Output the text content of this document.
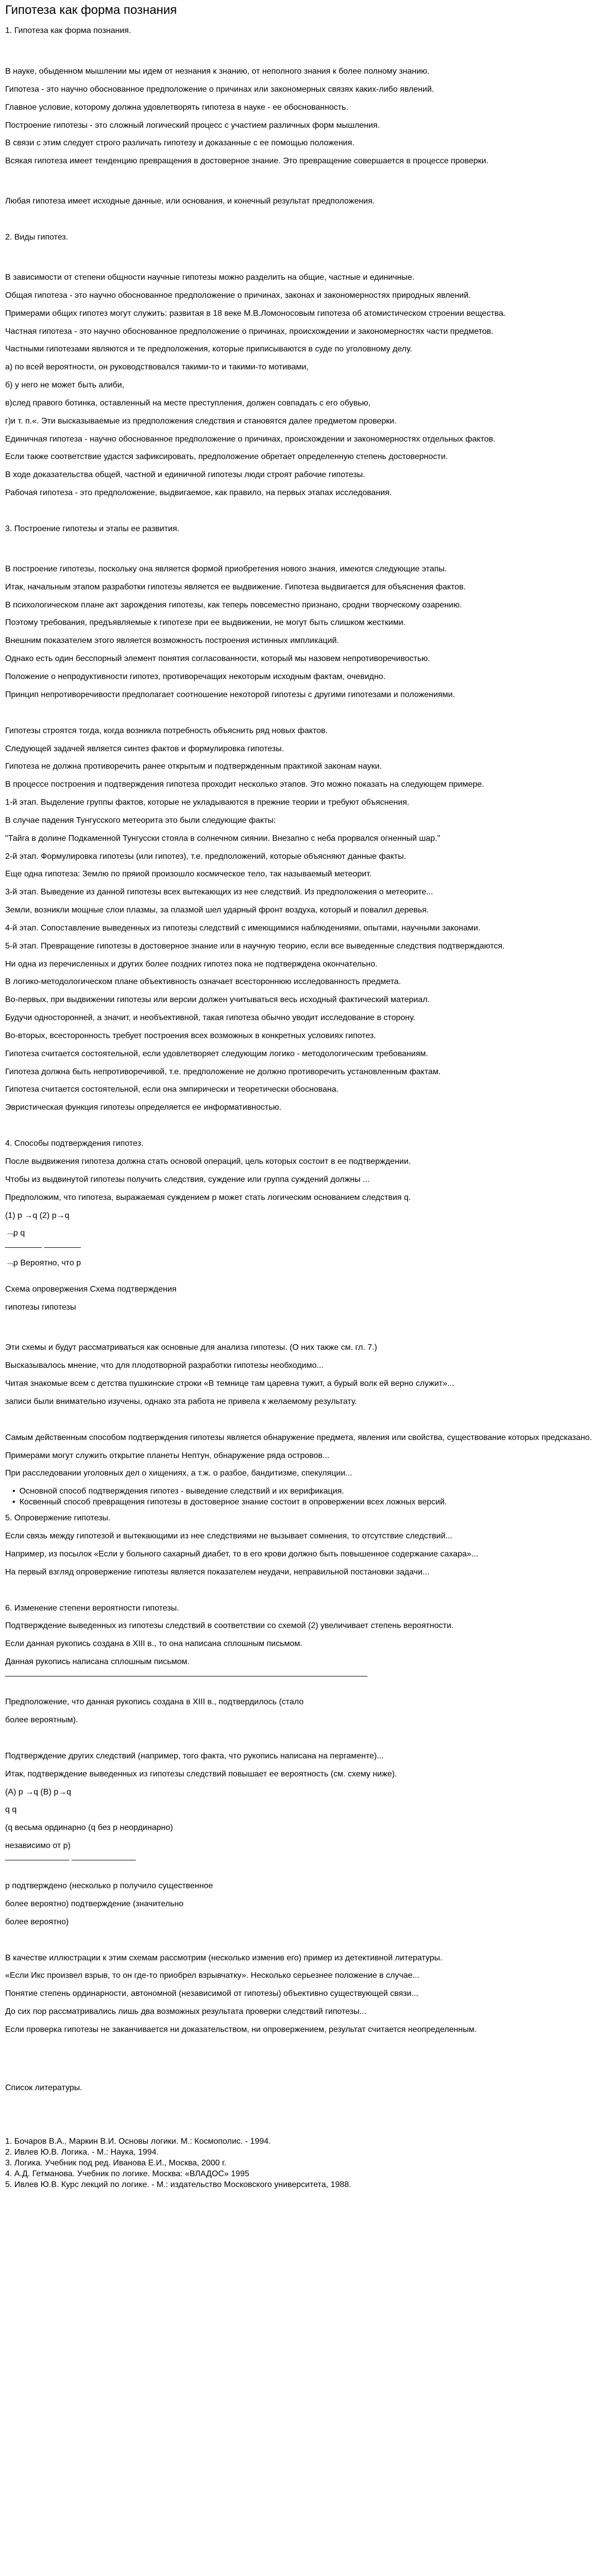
Гипотеза как форма познания
1. Гипотеза как форма познания.
В науке, обыденном мышлении мы идем от незнания к знанию, от неполного знания к более полному знанию.
Гипотеза - это научно обоснованное предположение о причинах или закономерных связях каких-либо явлений.
Главное условие, которому должна удовлетворять гипотеза в науке - ее обоснованность.
Построение гипотезы - это сложный логический процесс с участием различных форм мышления.
В связи с этим следует строго различать гипотезу и доказанные с ее помощью положения.
Всякая гипотеза имеет тенденцию превращения в достоверное знание. Это превращение совершается в процессе проверки.
Любая гипотеза имеет исходные данные, или основания, и конечный результат предположения.
2. Виды гипотез.
В зависимости от степени общности научные гипотезы можно разделить на общие, частные и единичные.
Общая гипотеза - это научно обоснованное предположение о причинах, законах и закономерностях природных явлений.
Примерами общих гипотез могут служить: развитая в 18 веке М.В.Ломоносовым гипотеза об атомистическом строении вещества.
Частная гипотеза - это научно обоснованное предположение о причинах, происхождении и закономерностях части предметов.
Частными гипотезами являются и те предположения, которые приписываются в суде по уголовному делу.
а) по всей вероятности, он руководствовался такими-то и такими-то мотивами,
б) у него не может быть алиби,
в)след правого ботинка, оставленный на месте преступления, должен совпадать с его обувью,
г)и т. п.«. Эти высказываемые из предположения следствия и становятся далее предметом проверки.
Единичная гипотеза - научно обоснованное предположение о причинах, происхождении и закономерностях отдельных фактов.
Если также соответствие удастся зафиксировать, предположение обретает определенную степень достоверности.
В ходе доказательства общей, частной и единичной гипотезы люди строят рабочие гипотезы.
Рабочая гипотеза - это предположение, выдвигаемое, как правило, на первых этапах исследования.
3. Построение гипотезы и этапы ее развития.
В построение гипотезы, поскольку она является формой приобретения нового знания, имеются следующие этапы.
Итак, начальным этапом разработки гипотезы является ее выдвижение. Гипотеза выдвигается для объяснения фактов.
В психологическом плане акт зарождения гипотезы, как теперь повсеместно признано, сродни творческому озарению.
Поэтому требования, предъявляемые к гипотезе при ее выдвижении, не могут быть слишком жесткими.
Внешним показателем этого является возможность построения истинных импликаций.
Однако есть один бесспорный элемент понятия согласованности, который мы назовем непротиворечивостью.
Положение о непродуктивности гипотез, противоречащих некоторым исходным фактам, очевидно.
Принцип непротиворечивости предполагает соотношение некоторой гипотезы с другими гипотезами и положениями.
Гипотезы строятся тогда, когда возникла потребность объяснить ряд новых фактов.
Следующей задачей является синтез фактов и формулировка гипотезы.
Гипотеза не должна противоречить ранее открытым и подтвержденным практикой законам науки.
В процессе построения и подтверждения гипотеза проходит несколько этапов. Это можно показать на следующем примере.
1-й этап. Выделение группы фактов, которые не укладываются в прежние теории и требуют объяснения.
В случае падения Тунгусского метеорита это были следующие факты:
"Тайга в долине Подкаменной Тунгусски стояла в солнечном сиянии. Внезапно с неба прорвался огненный шар."
2-й этап. Формулировка гипотезы (или гипотез), т.е. предположений, которые объясняют данные факты.
Еще одна гипотеза: Землю по пряиой произошло космическое тело, так называемый метеорит.
3-й этап. Выведение из данной гипотезы всех вытекающих из нее следствий. Из предположения о метеорите...
Земли, возникли мощные слои плазмы, за плазмой шел ударный фронт воздуха, который и повалил деревья.
4-й этап. Сопоставление выведенных из гипотезы следствий с имеющимися наблюдениями, опытами, научными законами.
5-й этап. Превращение гипотезы в достоверное знание или в научную теорию, если все выведенные следствия подтверждаются.
Ни одна из перечисленных и других более поздних гипотез пока не подтверждена окончательно.
В логико-методологическом плане объективность означает всестороннюю исследованность предмета.
Во-первых, при выдвижении гипотезы или версии должен учитываться весь исходный фактический материал.
Будучи односторонней, а значит, и необъективной, такая гипотеза обычно уводит исследование в сторону.
Во-вторых, всесторонность требует построения всех возможных в конкретных условиях гипотез.
Гипотеза считается состоятельной, если удовлетворяет следующим логико - методологическим требованиям.
Гипотеза должна быть непротиворечивой, т.е. предположение не должно противоречить установленным фактам.
Гипотеза считается состоятельной, если она эмпирически и теоретически обоснована.
Эвристическая функция гипотезы определяется ее информативностью.
4. Способы подтверждения гипотез.
После выдвижения гипотеза должна стать основой операций, цель которых состоит в ее подтверждении.
Чтобы из выдвинутой гипотезы получить следствия, суждение или группа суждений должны ...
Предположим, что гипотеза, выражаемая суждением p может стать логическим основанием следствия q.
(1) p →q (2) p→q
﹁p q
________ ________
﹁p Вероятно, что p
Схема опровержения Схема подтверждения
гипотезы гипотезы
Эти схемы и будут рассматриваться как основные для анализа гипотезы. (О них также см. гл. 7.)
Высказывалось мнение, что для плодотворной разработки гипотезы необходимо...
Читая знакомые всем с детства пушкинские строки «В темнице там царевна тужит, а бурый волк ей верно служит»...
записи были внимательно изучены, однако эта работа не привела к желаемому результату.
Самым действенным способом подтверждения гипотезы является обнаружение предмета, явления или свойства, существование которых предсказано.
Примерами могут служить открытие планеты Нептун, обнаружение ряда островов...
При расследовании уголовных дел о хищениях, а т.ж. о разбое, бандитизме, спекуляции...
5. Опровержение гипотезы.
Если связь между гипотезой и вытекающими из нее следствиями не вызывает сомнения, то отсутствие следствий...
Например, из посылок «Если у больного сахарный диабет, то в его крови должно быть повышенное содержание сахара»...
На первый взгляд опровержение гипотезы является показателем неудачи, неправильной постановки задачи...
6. Изменение степени вероятности гипотезы.
Подтверждение выведенных из гипотезы следствий в соответствии со схемой (2) увеличивает степень вероятности.
Если данная рукопись создана в XIII в., то она написана сплошным письмом.
Данная рукопись написана сплошным письмом.
_______________________________________________________________________________
Предположение, что данная рукопись создана в XIII в., подтвердилось (стало
более вероятным).
Подтверждение других следствий (например, того факта, что рукопись написана на пергаменте)...
Итак, подтверждение выведенных из гипотезы следствий повышает ее вероятность (см. схему ниже).
(А) p →q (В) p→q
q q
(q весьма ординарно (q без р неординарно)
независимо от р)
______________ ______________
р подтверждено (несколько р получило существенное
более вероятно) подтверждение (значительно
более вероятно)
В качестве иллюстрации к этим схемам рассмотрим (несколько изменив его) пример из детективной литературы.
«Если Икс произвел взрыв, то он где-то приобрел взрывчатку». Несколько серьезнее положение в случае...
Понятие степень ординарности, автономной (независимой от гипотезы) объективно существующей связи...
До сих пор рассматривались лишь два возможных результата проверки следствий гипотезы...
Если проверка гипотезы не заканчивается ни доказательством, ни опровержением, результат считается неопределенным.
Список литературы.
1. Бочаров В.А., Маркин В.И. Основы логики. М.: Космополис. - 1994.
2. Ивлев Ю.В. Логика. - М.: Наука, 1994.
3. Логика. Учебник под ред. Иванова Е.И., Москва, 2000 г.
4. А.Д. Гетманова. Учебник по логике. Москва: «ВЛАДОС» 1995
5. Ивлев Ю.В. Курс лекций по логике. - М.: издательство Московского университета, 1988.
• Основной способ подтверждения гипотез - выведение следствий и их верификация.
• Косвенный способ превращения гипотезы в достоверное знание состоит в опровержении всех ложных версий.
